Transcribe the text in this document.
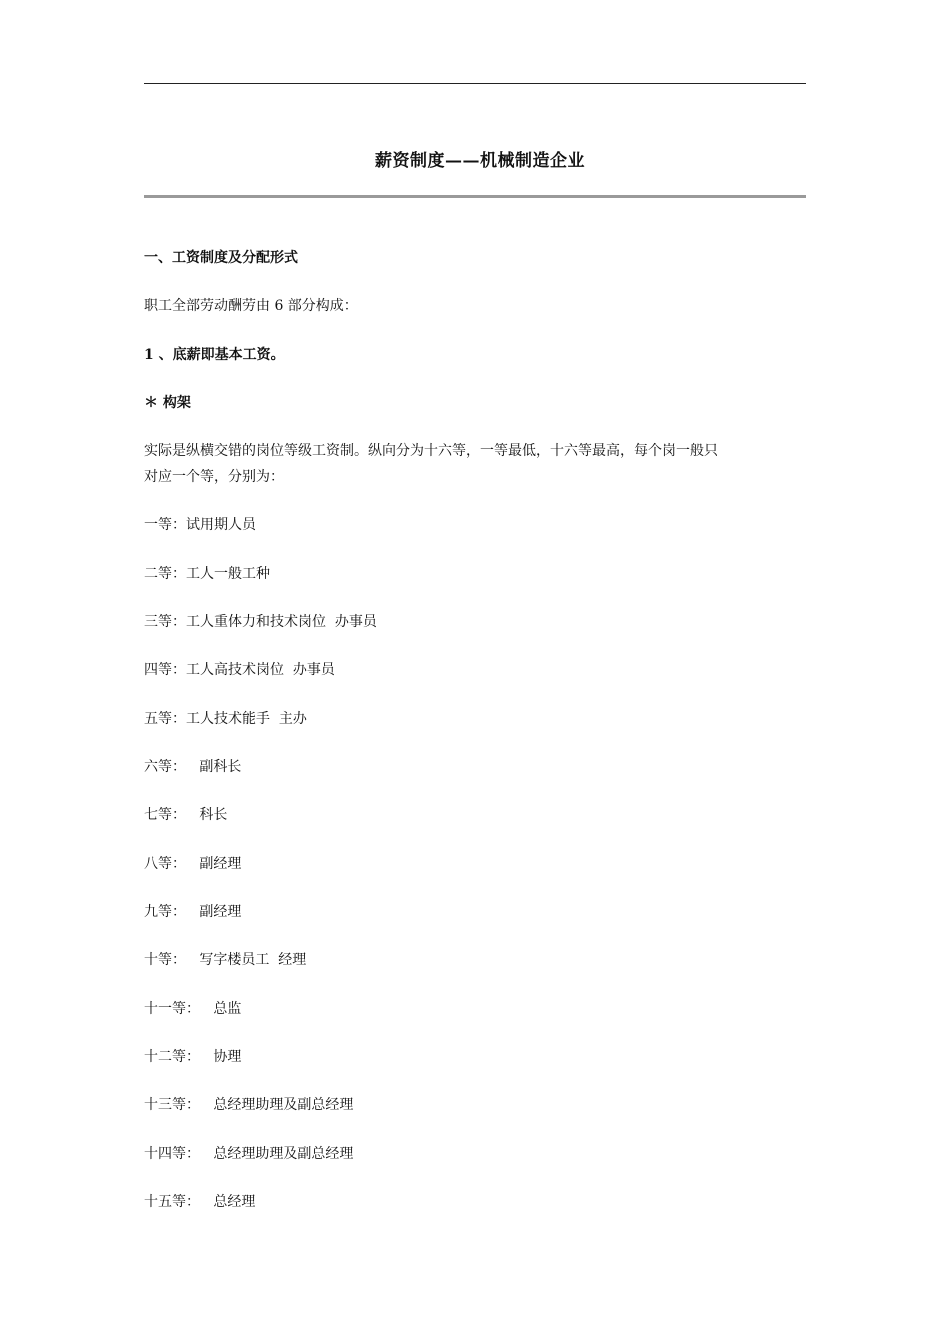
薪资制度——机械制造企业
一、工资制度及分配形式
职工全部劳动酬劳由 6 部分构成：
1 、底薪即基本工资。
＊ 构架
实际是纵横交错的岗位等级工资制。纵向分为十六等，一等最低，十六等最高，每个岗一般只
对应一个等，分别为：
一等：试用期人员
二等：工人一般工种
三等：工人重体力和技术岗位  办事员
四等：工人高技术岗位  办事员
五等：工人技术能手  主办
六等：   副科长
七等：   科长
八等：   副经理
九等：   副经理
十等：   写字楼员工  经理
十一等：   总监
十二等：   协理
十三等：   总经理助理及副总经理
十四等：   总经理助理及副总经理
十五等：   总经理
